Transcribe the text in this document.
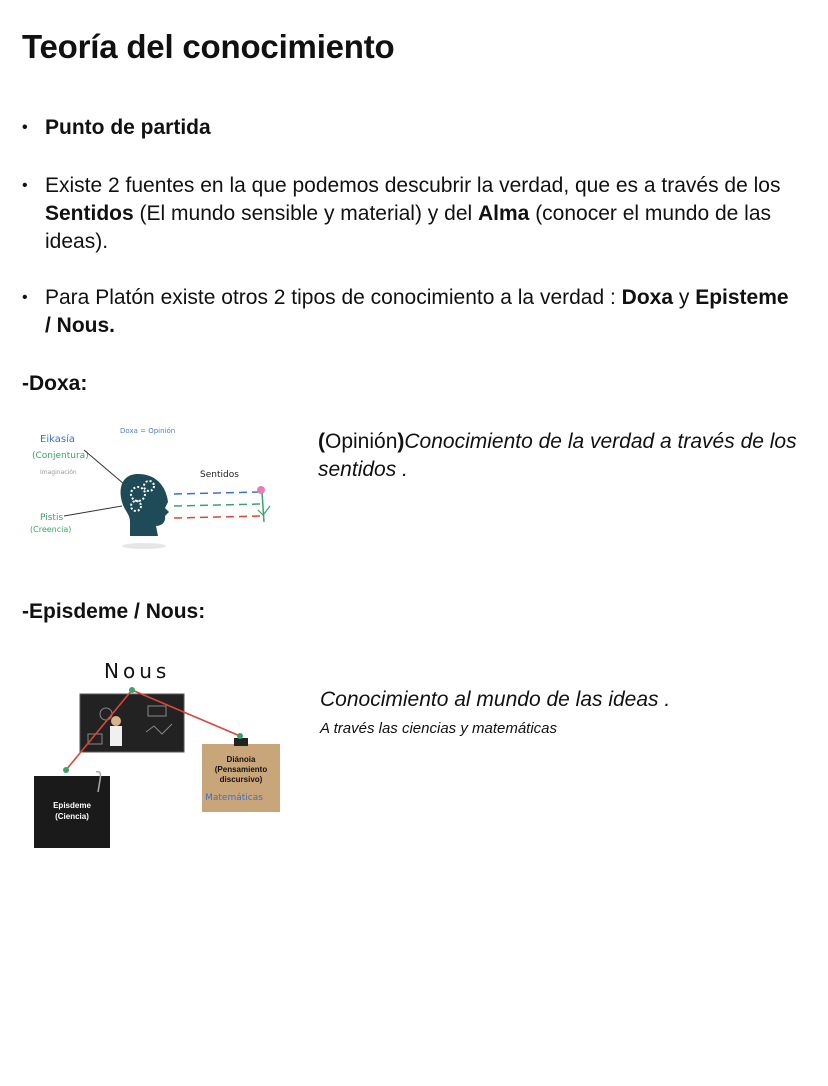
Teoría del conocimiento
• Punto de partida
• Existe 2 fuentes en la que podemos descubrir la verdad, que es a través de los Sentidos (El mundo sensible y material) y del Alma (conocer el mundo de las ideas).
• Para Platón existe otros 2 tipos de conocimiento a la verdad : Doxa y Episteme / Nous.
-Doxa:
Eikasía
(Conjentura)
Imaginación
Doxa = Opinión
Sentidos
Pistis
(Creencia)
(Opinión)Conocimiento de la verdad a través de los sentidos .
-Episdeme / Nous:
Nous
Episdeme
(Ciencia)
Diánoia
(Pensamiento
discursivo)
Matemáticas
Conocimiento al mundo de las ideas .
A través las ciencias y matemáticas
